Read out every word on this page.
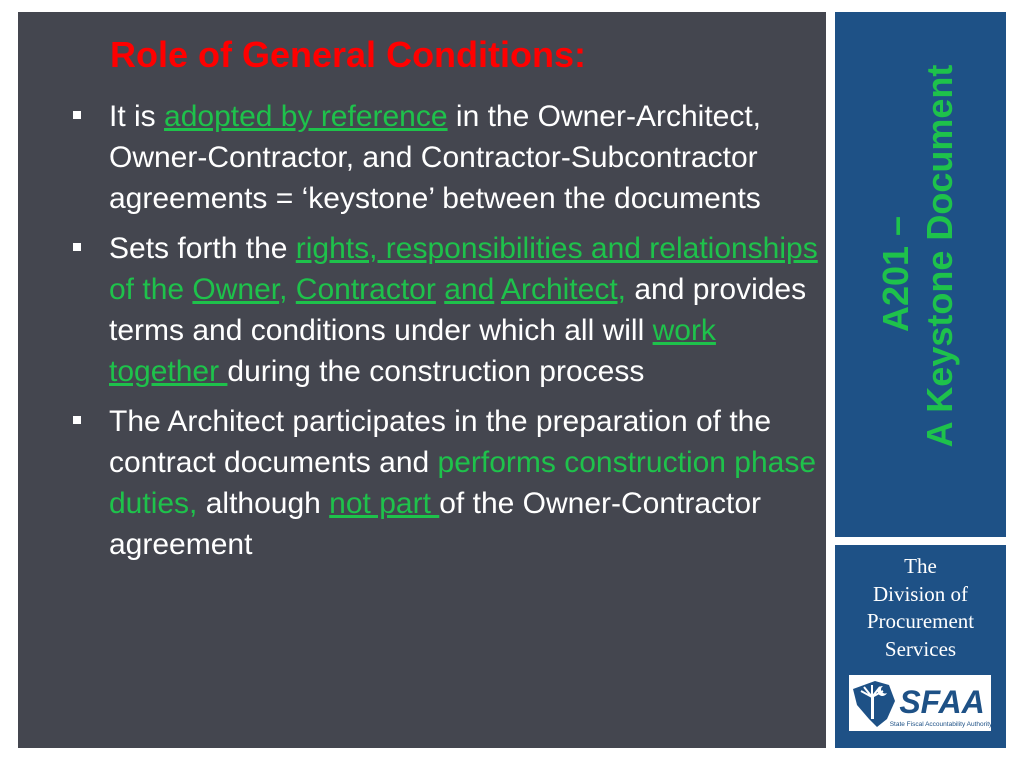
Role of General Conditions:
It is adopted by reference in the Owner-Architect, Owner-Contractor, and Contractor-Subcontractor agreements = ‘keystone’ between the documents
Sets forth the rights, responsibilities and relationships of the Owner, Contractor and Architect, and provides terms and conditions under which all will work together during the construction process
The Architect participates in the preparation of the contract documents and performs construction phase duties, although not part of the Owner-Contractor agreement
A201 – A Keystone Document
The
Division of
Procurement
Services
SFAA
State Fiscal Accountability Authority
